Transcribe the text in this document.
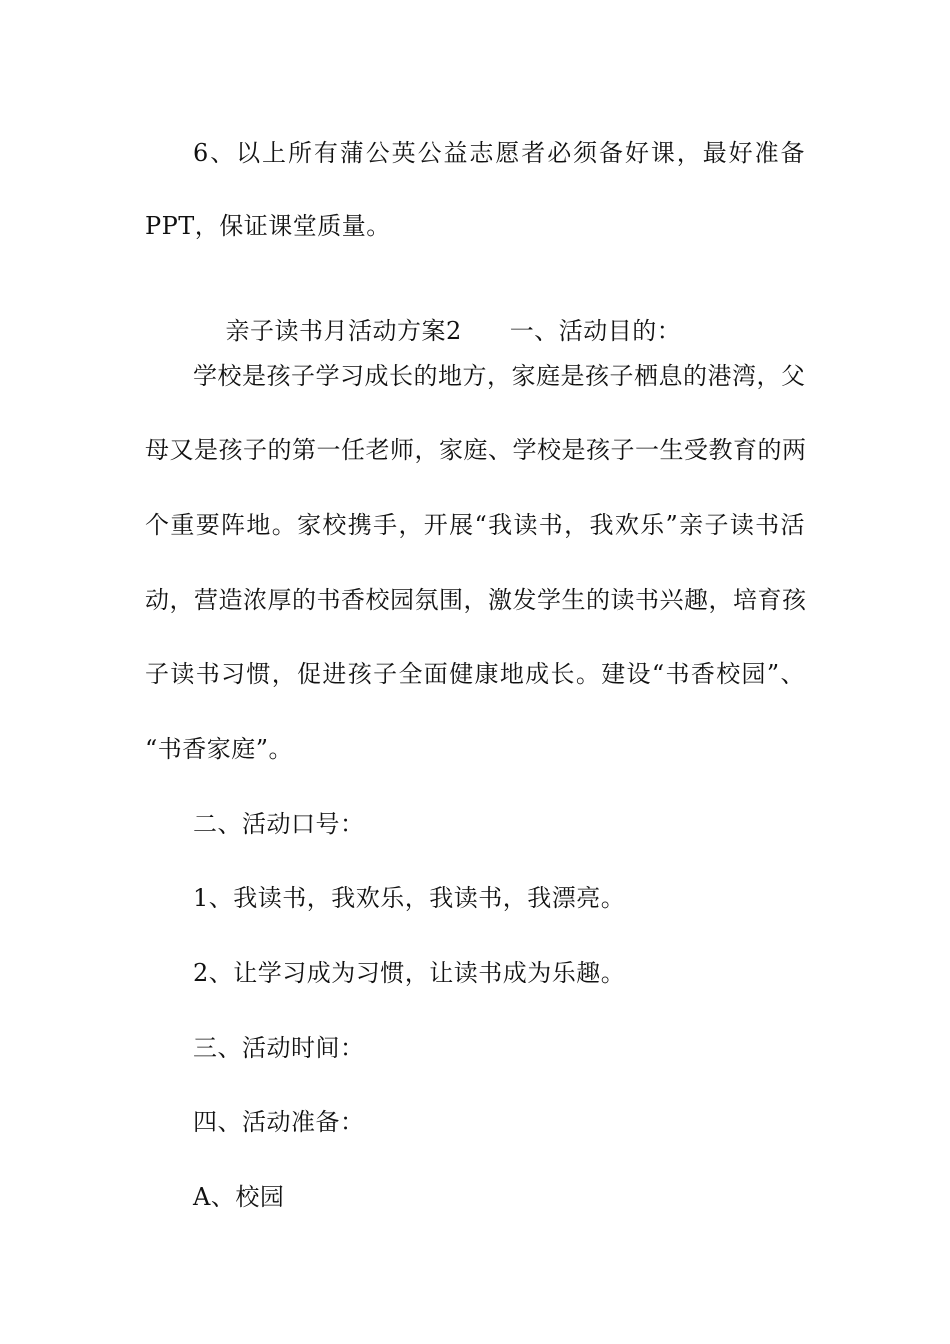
6 、 以 上 所 有 蒲 公 英 公 益 志 愿 者 必 须 备 好 课 ， 最 好 准 备
PPT，保证课堂质量。

亲子读书月活动方案2 一、活动目的：

学 校 是 孩 子 学 习 成 长 的 地 方 ， 家 庭 是 孩 子 栖 息 的 港 湾 ， 父
母 又 是 孩 子 的 第 一 任 老 师 ， 家 庭 、 学 校 是 孩 子 一 生 受 教 育 的 两
个 重 要 阵 地 。 家 校 携 手 ， 开 展 “ 我 读 书 ， 我 欢 乐 ” 亲 子 读 书 活
动 ， 营 造 浓 厚 的 书 香 校 园 氛 围 ， 激 发 学 生 的 读 书 兴 趣 ， 培 育 孩
子 读 书 习 惯 ， 促 进 孩 子 全 面 健 康 地 成 长 。 建 设 “ 书 香 校 园 ” 、
“书香家庭”。
二、活动口号：
1、我读书，我欢乐，我读书，我漂亮。
2、让学习成为习惯，让读书成为乐趣。
三、活动时间：
四、活动准备：
A、校园
